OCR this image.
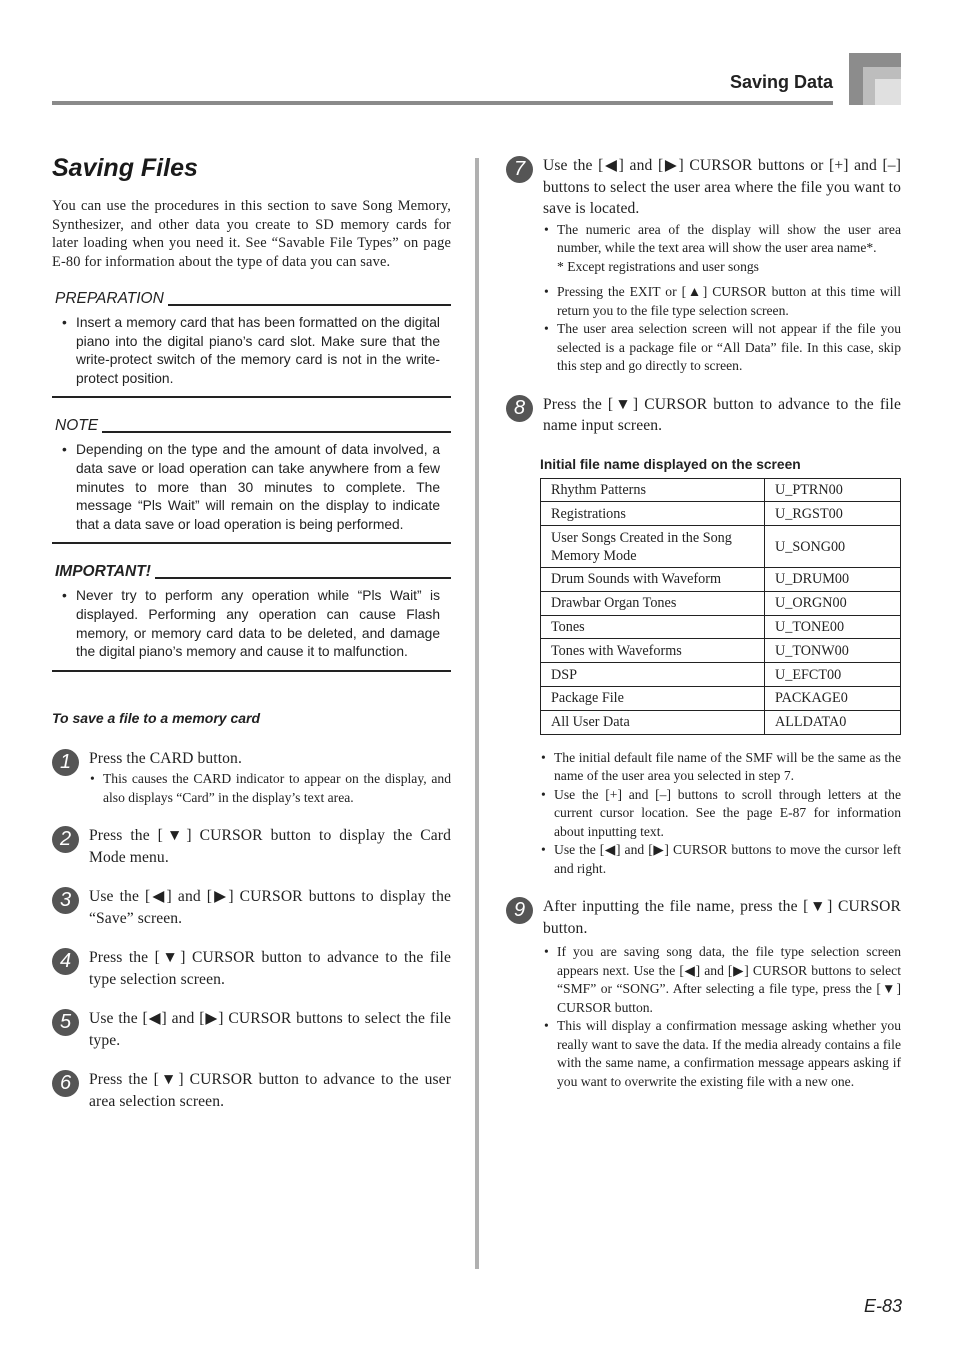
Saving Data
Saving Files

You can use the procedures in this section to save Song Memory, Synthesizer, and other data you create to SD memory cards for later loading when you need it. See “Savable File Types” on page E-80 for information about the type of data you can save.

PREPARATION
• Insert a memory card that has been formatted on the digital piano into the digital piano’s card slot. Make sure that the write-protect switch of the memory card is not in the write-protect position.
NOTE
• Depending on the type and the amount of data involved, a data save or load operation can take anywhere from a few minutes to more than 30 minutes to complete. The message “Pls Wait” will remain on the display to indicate that a data save or load operation is being performed.
IMPORTANT!
• Never try to perform any operation while “Pls Wait” is displayed. Performing any operation can cause Flash memory, or memory card data to be deleted, and damage the digital piano’s memory and cause it to malfunction.
To save a file to a memory card
1	Press the CARD button.
• This causes the CARD indicator to appear on the display, and also displays “Card” in the display’s text area.
2	Press the [▼] CURSOR button to display the Card Mode menu.
3	Use the [◀] and [▶] CURSOR buttons to display the “Save” screen.
4	Press the [▼] CURSOR button to advance to the file type selection screen.
5	Use the [◀] and [▶] CURSOR buttons to select the file type.
6	Press the [▼] CURSOR button to advance to the user area selection screen.
7	Use the [◀] and [▶] CURSOR buttons or [+] and [–] buttons to select the user area where the file you want to save is located.
• The numeric area of the display will show the user area number, while the text area will show the user area name*.
* Except registrations and user songs
• Pressing the EXIT or [▲] CURSOR button at this time will return you to the file type selection screen.
• The user area selection screen will not appear if the file you selected is a package file or “All Data” file. In this case, skip this step and go directly to screen.
8	Press the [▼] CURSOR button to advance to the file name input screen.
Initial file name displayed on the screen
Rhythm Patterns	U_PTRN00
Registrations	U_RGST00
User Songs Created in the Song Memory Mode	U_SONG00
Drum Sounds with Waveform	U_DRUM00
Drawbar Organ Tones	U_ORGN00
Tones	U_TONE00
Tones with Waveforms	U_TONW00
DSP	U_EFCT00
Package File	PACKAGE0
All User Data	ALLDATA0
• The initial default file name of the SMF will be the same as the name of the user area you selected in step 7.
• Use the [+] and [–] buttons to scroll through letters at the current cursor location. See the page E-87 for information about inputting text.
• Use the [◀] and [▶] CURSOR buttons to move the cursor left and right.
9	After inputting the file name, press the [▼] CURSOR button.
• If you are saving song data, the file type selection screen appears next. Use the [◀] and [▶] CURSOR buttons to select “SMF” or “SONG”. After selecting a file type, press the [▼] CURSOR button.
• This will display a confirmation message asking whether you really want to save the data. If the media already contains a file with the same name, a confirmation message appears asking if you want to overwrite the existing file with a new one.
E-83
